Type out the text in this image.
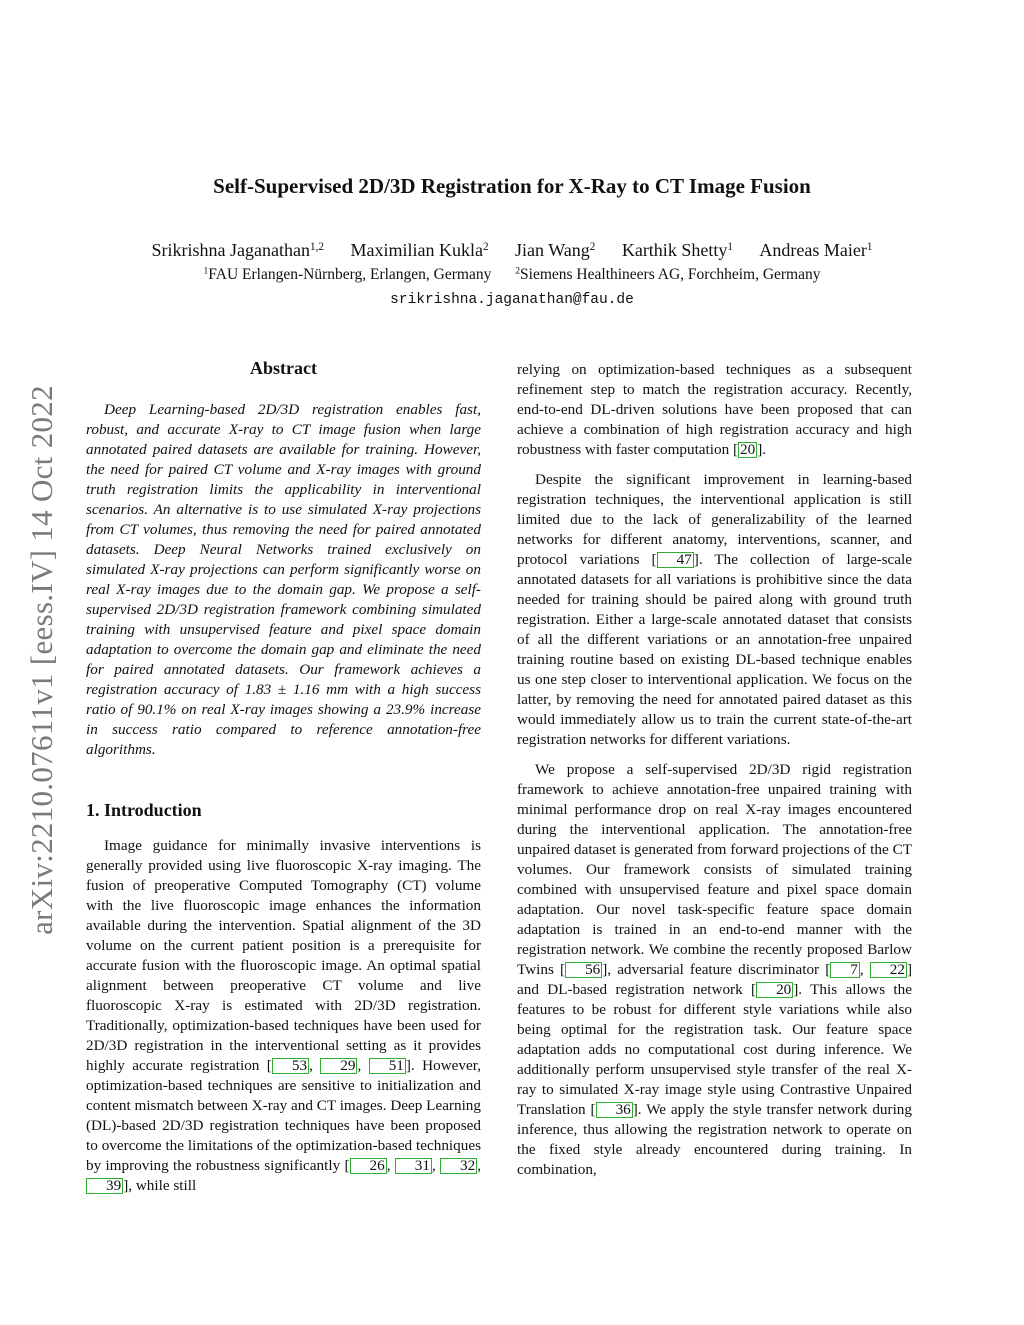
arXiv:2210.07611v1 [eess.IV] 14 Oct 2022
Self-Supervised 2D/3D Registration for X-Ray to CT Image Fusion
Srikrishna Jaganathan$^{1,2}$ Maximilian Kukla$^2$ Jian Wang$^2$ Karthik Shetty$^1$ Andreas Maier$^1$
$^1$FAU Erlangen-Nürnberg, Erlangen, Germany $^2$Siemens Healthineers AG, Forchheim, Germany
srikrishna.jaganathan@fau.de
Abstract

Deep Learning-based 2D/3D registration enables fast, robust, and accurate X-ray to CT image fusion when large annotated paired datasets are available for training. However, the need for paired CT volume and X-ray images with ground truth registration limits the applicability in interventional scenarios. An alternative is to use simulated X-ray projections from CT volumes, thus removing the need for paired annotated datasets. Deep Neural Networks trained exclusively on simulated X-ray projections can perform significantly worse on real X-ray images due to the domain gap. We propose a self-supervised 2D/3D registration framework combining simulated training with unsupervised feature and pixel space domain adaptation to overcome the domain gap and eliminate the need for paired annotated datasets. Our framework achieves a registration accuracy of 1.83 ± 1.16 mm with a high success ratio of 90.1% on real X-ray images showing a 23.9% increase in success ratio compared to reference annotation-free algorithms.

1. Introduction

Image guidance for minimally invasive interventions is generally provided using live fluoroscopic X-ray imaging. The fusion of preoperative Computed Tomography (CT) volume with the live fluoroscopic image enhances the information available during the intervention. Spatial alignment of the 3D volume on the current patient position is a prerequisite for accurate fusion with the fluoroscopic image. An optimal spatial alignment between preoperative CT volume and live fluoroscopic X-ray is estimated with 2D/3D registration. Traditionally, optimization-based techniques have been used for 2D/3D registration in the interventional setting as it provides highly accurate registration [ 53 , 29 , 51 ]. However, optimization-based techniques are sensitive to initialization and content mismatch between X-ray and CT images. Deep Learning (DL)-based 2D/3D registration techniques have been proposed to overcome the limitations of the optimization-based techniques by improving the robustness significantly [ 26 , 31 , 32 , 39 ], while still

relying on optimization-based techniques as a subsequent refinement step to match the registration accuracy. Recently, end-to-end DL-driven solutions have been proposed that can achieve a combination of high registration accuracy and high robustness with faster computation [ 20 ].

Despite the significant improvement in learning-based registration techniques, the interventional application is still limited due to the lack of generalizability of the learned networks for different anatomy, interventions, scanner, and protocol variations [ 47 ]. The collection of large-scale annotated datasets for all variations is prohibitive since the data needed for training should be paired along with ground truth registration. Either a large-scale annotated dataset that consists of all the different variations or an annotation-free unpaired training routine based on existing DL-based technique enables us one step closer to interventional application. We focus on the latter, by removing the need for annotated paired dataset as this would immediately allow us to train the current state-of-the-art registration networks for different variations.

We propose a self-supervised 2D/3D rigid registration framework to achieve annotation-free unpaired training with minimal performance drop on real X-ray images encountered during the interventional application. The annotation-free unpaired dataset is generated from forward projections of the CT volumes. Our framework consists of simulated training combined with unsupervised feature and pixel space domain adaptation. Our novel task-specific feature space domain adaptation is trained in an end-to-end manner with the registration network. We combine the recently proposed Barlow Twins [ 56 ], adversarial feature discriminator [ 7 , 22 ] and DL-based registration network [ 20 ]. This allows the features to be robust for different style variations while also being optimal for the registration task. Our feature space adaptation adds no computational cost during inference. We additionally perform unsupervised style transfer of the real X-ray to simulated X-ray image style using Contrastive Unpaired Translation [ 36 ]. We apply the style transfer network during inference, thus allowing the registration network to operate on the fixed style already encountered during training. In combination,
